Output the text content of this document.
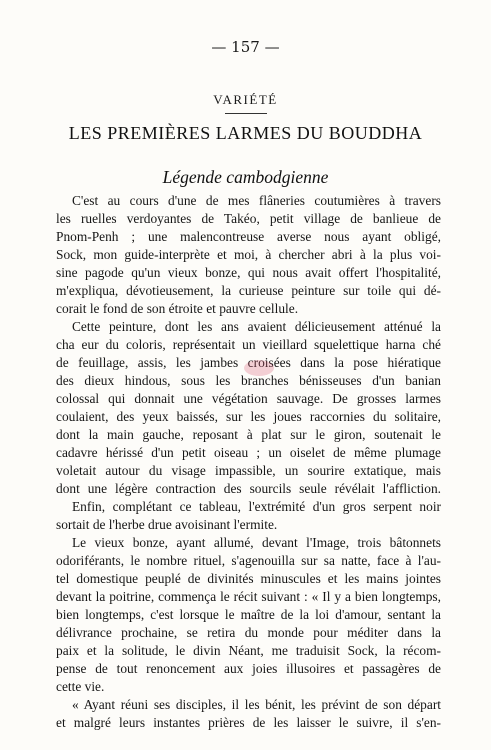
— 157 —
VARIÉTÉ
LES PREMIÈRES LARMES DU BOUDDHA
Légende cambodgienne
C'est au cours d'une de mes flâneries coutumières à travers
les ruelles verdoyantes de Takéo, petit village de banlieue de
Pnom-Penh ; une malencontreuse averse nous ayant obligé,
Sock, mon guide-interprète et moi, à chercher abri à la plus voi-
sine pagode qu'un vieux bonze, qui nous avait offert l'hospitalité,
m'expliqua, dévotieusement, la curieuse peinture sur toile qui dé-
corait le fond de son étroite et pauvre cellule.
Cette peinture, dont les ans avaient délicieusement atténué la
cha eur du coloris, représentait un vieillard squelettique harna ché
de feuillage, assis, les jambes croisées dans la pose hiératique
des dieux hindous, sous les branches bénisseuses d'un banian
colossal qui donnait une végétation sauvage. De grosses larmes
coulaient, des yeux baissés, sur les joues raccornies du solitaire,
dont la main gauche, reposant à plat sur le giron, soutenait le
cadavre hérissé d'un petit oiseau ; un oiselet de même plumage
voletait autour du visage impassible, un sourire extatique, mais
dont une légère contraction des sourcils seule révélait l'affliction.
Enfin, complétant ce tableau, l'extrémité d'un gros serpent noir
sortait de l'herbe drue avoisinant l'ermite.
Le vieux bonze, ayant allumé, devant l'Image, trois bâtonnets
odoriférants, le nombre rituel, s'agenouilla sur sa natte, face à l'au-
tel domestique peuplé de divinités minuscules et les mains jointes
devant la poitrine, commença le récit suivant : « Il y a bien longtemps,
bien longtemps, c'est lorsque le maître de la loi d'amour, sentant la
délivrance prochaine, se retira du monde pour méditer dans la
paix et la solitude, le divin Néant, me traduisit Sock, la récom-
pense de tout renoncement aux joies illusoires et passagères de
cette vie.
« Ayant réuni ses disciples, il les bénit, les prévint de son départ
et malgré leurs instantes prières de les laisser le suivre, il s'en-
